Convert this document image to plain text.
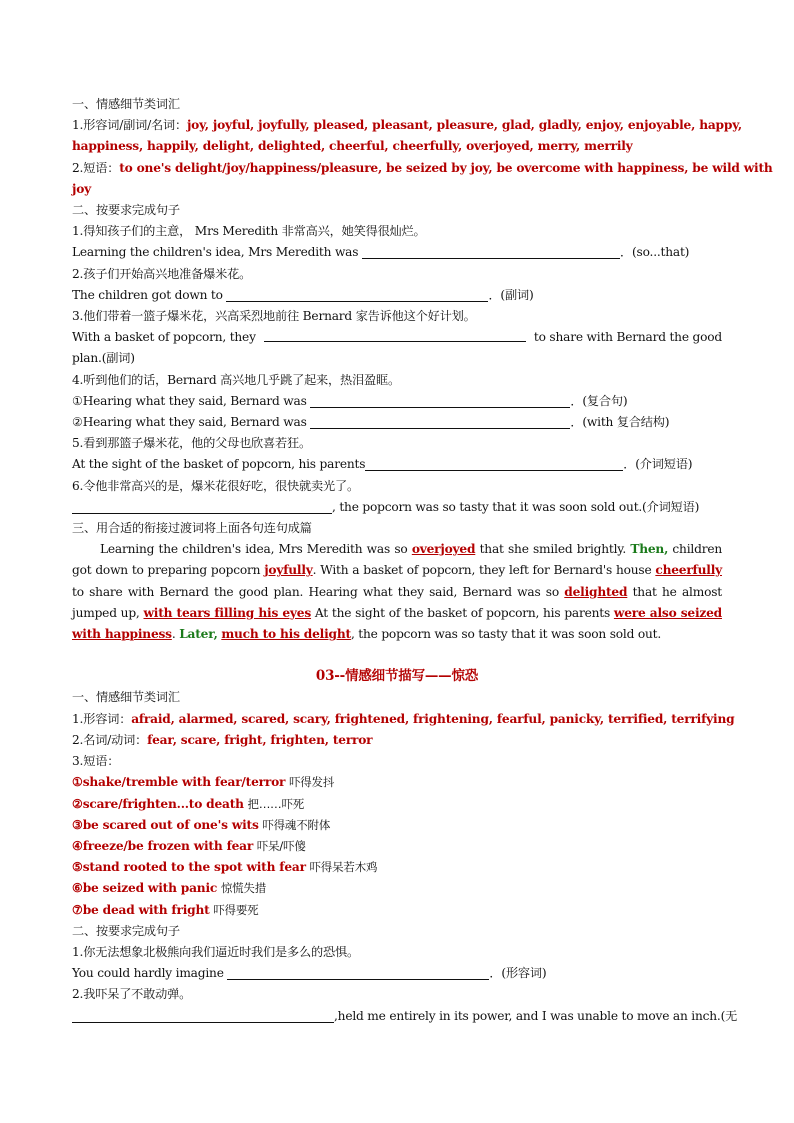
一、情感细节类词汇
1.形容词/副词/名词：joy, joyful, joyfully, pleased, pleasant, pleasure, glad, gladly, enjoy, enjoyable, happy,
happiness, happily, delight, delighted, cheerful, cheerfully, overjoyed, merry, merrily
2.短语：to one's delight/joy/happiness/pleasure, be seized by joy, be overcome with happiness, be wild with
joy
二、按要求完成句子
1.得知孩子们的主意， Mrs Meredith 非常高兴，她笑得很灿烂。
Learning the children's idea, Mrs Meredith was	．(so...that)
2.孩子们开始高兴地准备爆米花。
The children got down to	．(副词)
3.他们带着一篮子爆米花，兴高采烈地前往 Bernard 家告诉他这个好计划。
With a basket of popcorn, they	to share with Bernard the good
plan.(副词)
4.听到他们的话，Bernard 高兴地几乎跳了起来，热泪盈眶。
①Hearing what they said, Bernard was	．(复合句)
②Hearing what they said, Bernard was	．(with 复合结构)
5.看到那篮子爆米花，他的父母也欣喜若狂。
At the sight of the basket of popcorn, his parents	．(介词短语)
6.令他非常高兴的是，爆米花很好吃，很快就卖光了。
, the popcorn was so tasty that it was soon sold out.(介词短语)
三、用合适的衔接过渡词将上面各句连句成篇
Learning the children's idea, Mrs Meredith was so overjoyed that she smiled brightly. Then, children got down to preparing popcorn joyfully. With a basket of popcorn, they left for Bernard's house cheerfully to share with Bernard the good plan. Hearing what they said, Bernard was so delighted that he almost jumped up, with tears filling his eyes At the sight of the basket of popcorn, his parents were also seized with happiness. Later, much to his delight, the popcorn was so tasty that it was soon sold out.
03--情感细节描写——惊恐
一、情感细节类词汇
1.形容词：afraid, alarmed, scared, scary, frightened, frightening, fearful, panicky, terrified, terrifying
2.名词/动词：fear, scare, fright, frighten, terror
3.短语：
①shake/tremble with fear/terror 吓得发抖
②scare/frighten...to death 把……吓死
③be scared out of one's wits 吓得魂不附体
④freeze/be frozen with fear 吓呆/吓傻
⑤stand rooted to the spot with fear 吓得呆若木鸡
⑥be seized with panic 惊慌失措
⑦be dead with fright 吓得要死
二、按要求完成句子
1.你无法想象北极熊向我们逼近时我们是多么的恐惧。
You could hardly imagine	．(形容词)
2.我吓呆了不敢动弹。
,held me entirely in its power, and I was unable to move an inch.(无
